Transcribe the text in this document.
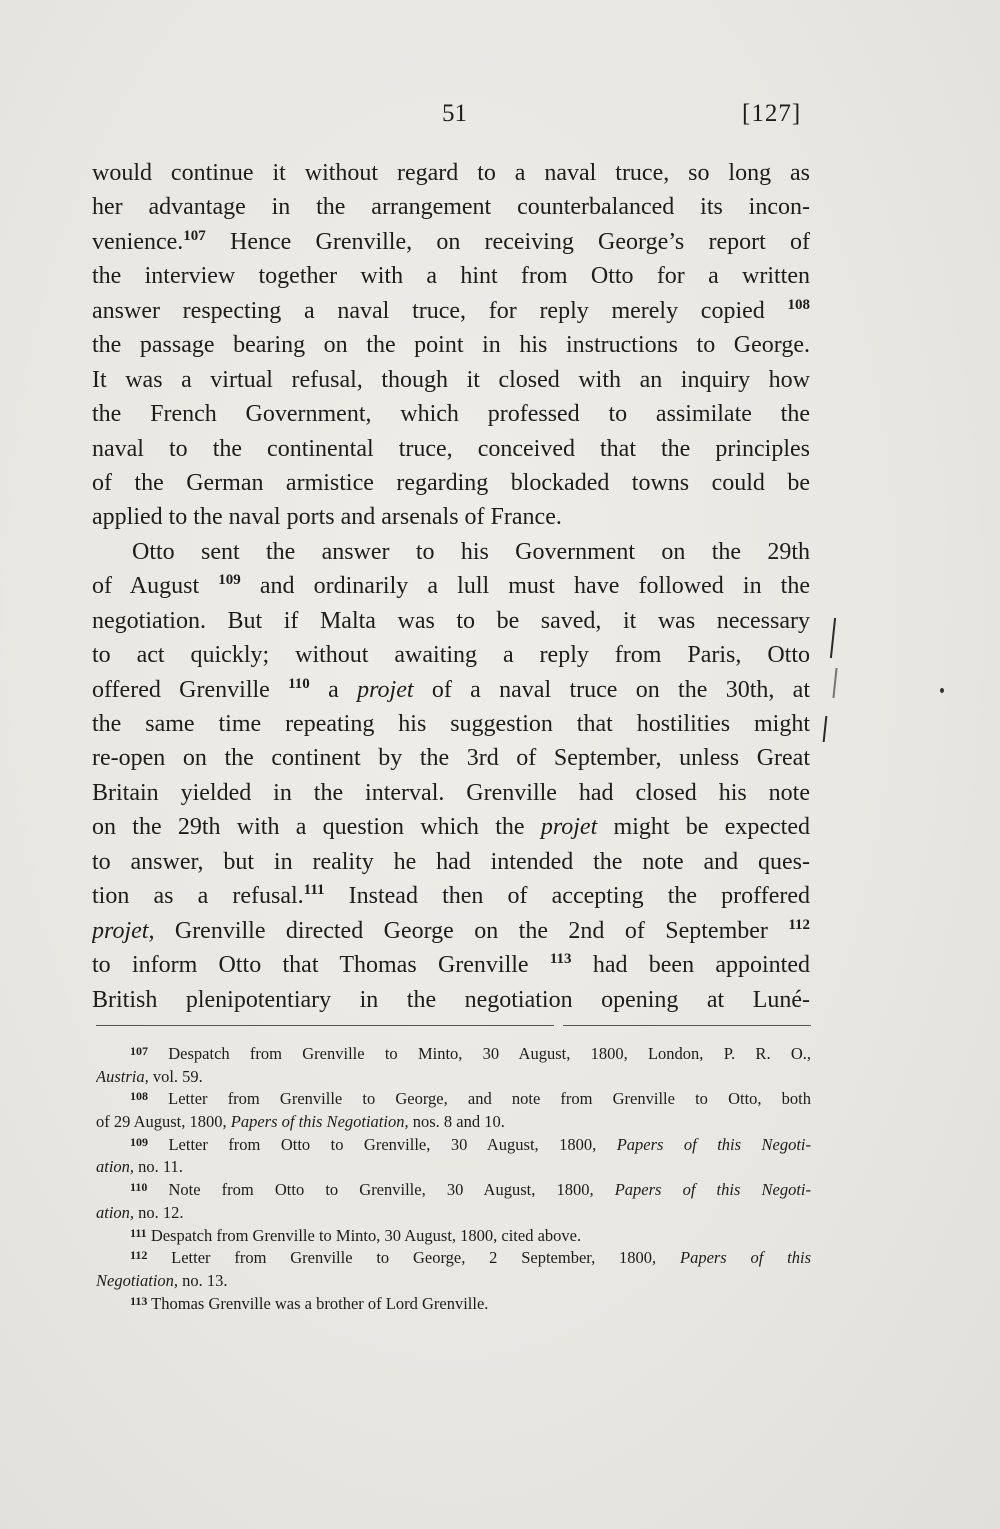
51	[127]
would continue it without regard to a naval truce, so long as
her advantage in the arrangement counterbalanced its incon-
venience.$^{107}$ Hence Grenville, on receiving George’s report of
the interview together with a hint from Otto for a written
answer respecting a naval truce, for reply merely copied $^{108}$
the passage bearing on the point in his instructions to George.
It was a virtual refusal, though it closed with an inquiry how
the French Government, which professed to assimilate the
naval to the continental truce, conceived that the principles
of the German armistice regarding blockaded towns could be
applied to the naval ports and arsenals of France.
Otto sent the answer to his Government on the 29th
of August $^{109}$ and ordinarily a lull must have followed in the
negotiation. But if Malta was to be saved, it was necessary
to act quickly; without awaiting a reply from Paris, Otto
offered Grenville $^{110}$ a projet of a naval truce on the 30th, at
the same time repeating his suggestion that hostilities might
re-open on the continent by the 3rd of September, unless Great
Britain yielded in the interval. Grenville had closed his note
on the 29th with a question which the projet might be expected
to answer, but in reality he had intended the note and ques-
tion as a refusal.$^{111}$ Instead then of accepting the proffered
projet, Grenville directed George on the 2nd of September $^{112}$
to inform Otto that Thomas Grenville $^{113}$ had been appointed
British plenipotentiary in the negotiation opening at Luné-
$^{107}$ Despatch from Grenville to Minto, 30 August, 1800, London, P. R. O.,
Austria, vol. 59.
$^{108}$ Letter from Grenville to George, and note from Grenville to Otto, both
of 29 August, 1800, Papers of this Negotiation, nos. 8 and 10.
$^{109}$ Letter from Otto to Grenville, 30 August, 1800, Papers of this Negoti-
ation, no. 11.
$^{110}$ Note from Otto to Grenville, 30 August, 1800, Papers of this Negoti-
ation, no. 12.
$^{111}$ Despatch from Grenville to Minto, 30 August, 1800, cited above.
$^{112}$ Letter from Grenville to George, 2 September, 1800, Papers of this
Negotiation, no. 13.
$^{113}$ Thomas Grenville was a brother of Lord Grenville.
